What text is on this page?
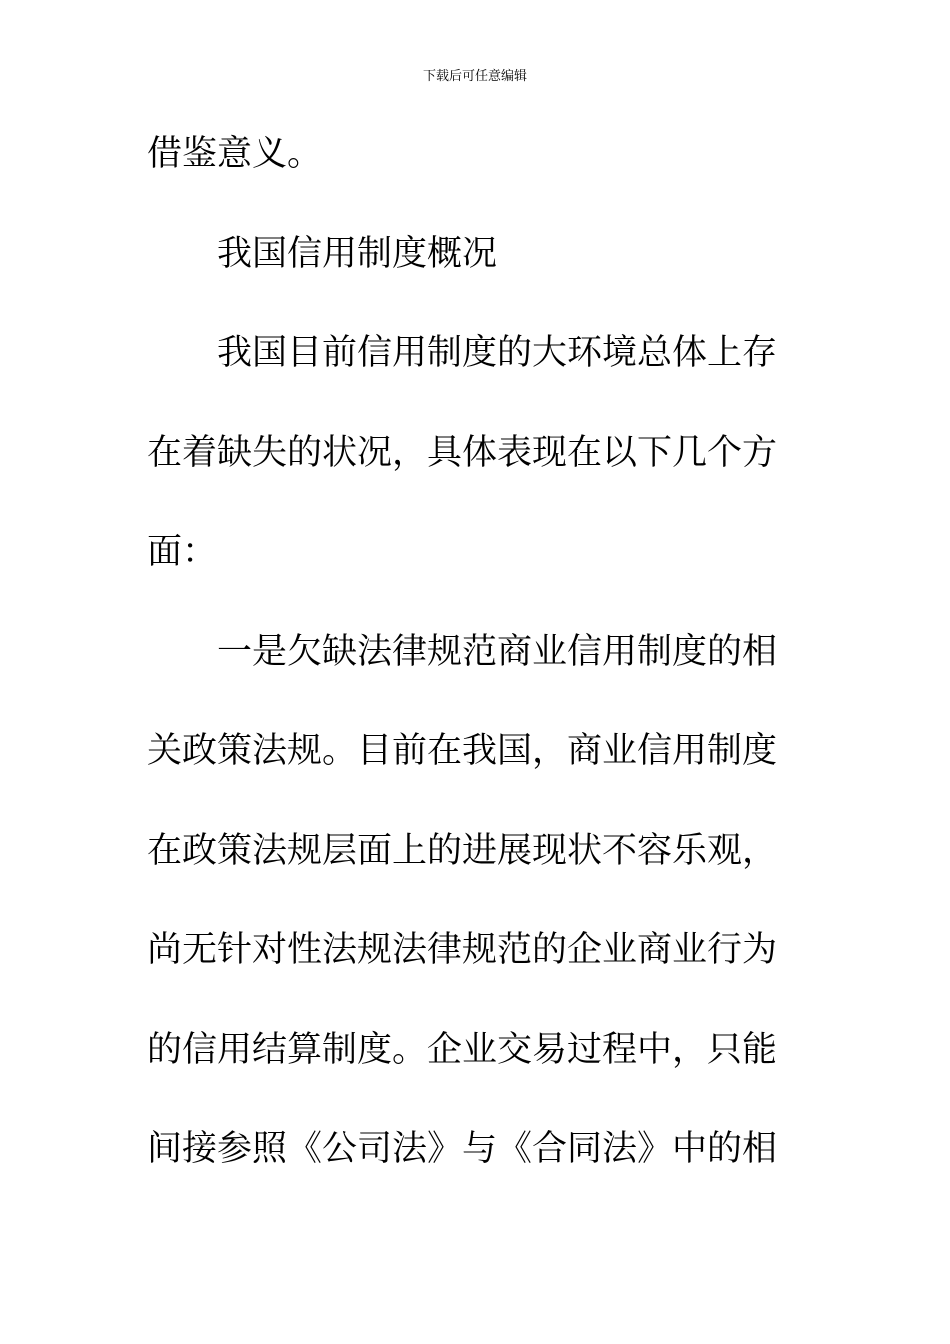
下载后可任意编辑
借鉴意义。
我国信用制度概况
我国目前信用制度的大环境总体上存
在着缺失的状况，具体表现在以下几个方
面：
一是欠缺法律规范商业信用制度的相
关政策法规。目前在我国，商业信用制度
在政策法规层面上的进展现状不容乐观，
尚无针对性法规法律规范的企业商业行为
的信用结算制度。企业交易过程中，只能
间接参照《公司法》与《合同法》中的相
